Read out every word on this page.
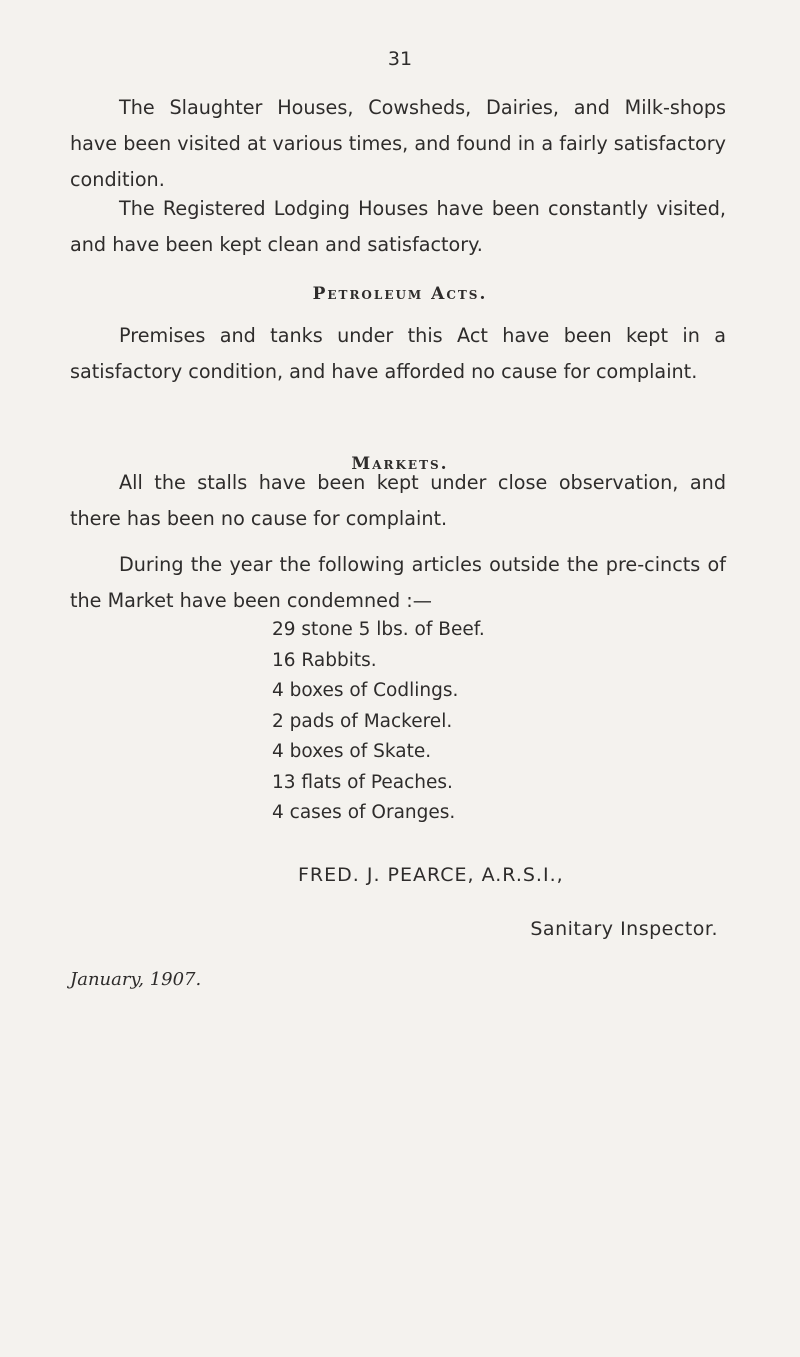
31

The Slaughter Houses, Cowsheds, Dairies, and Milk-shops have been visited at various times, and found in a fairly satisfactory condition.

The Registered Lodging Houses have been constantly visited, and have been kept clean and satisfactory.

Petroleum Acts.

Premises and tanks under this Act have been kept in a satisfactory condition, and have afforded no cause for complaint.

Markets.

All the stalls have been kept under close observation, and there has been no cause for complaint.

During the year the following articles outside the pre-cincts of the Market have been condemned :—

29 stone 5 lbs. of Beef.
16 Rabbits.
4 boxes of Codlings.
2 pads of Mackerel.
4 boxes of Skate.
13 flats of Peaches.
4 cases of Oranges.
FRED. J. PEARCE, A.R.S.I.,
Sanitary Inspector.
January, 1907.
